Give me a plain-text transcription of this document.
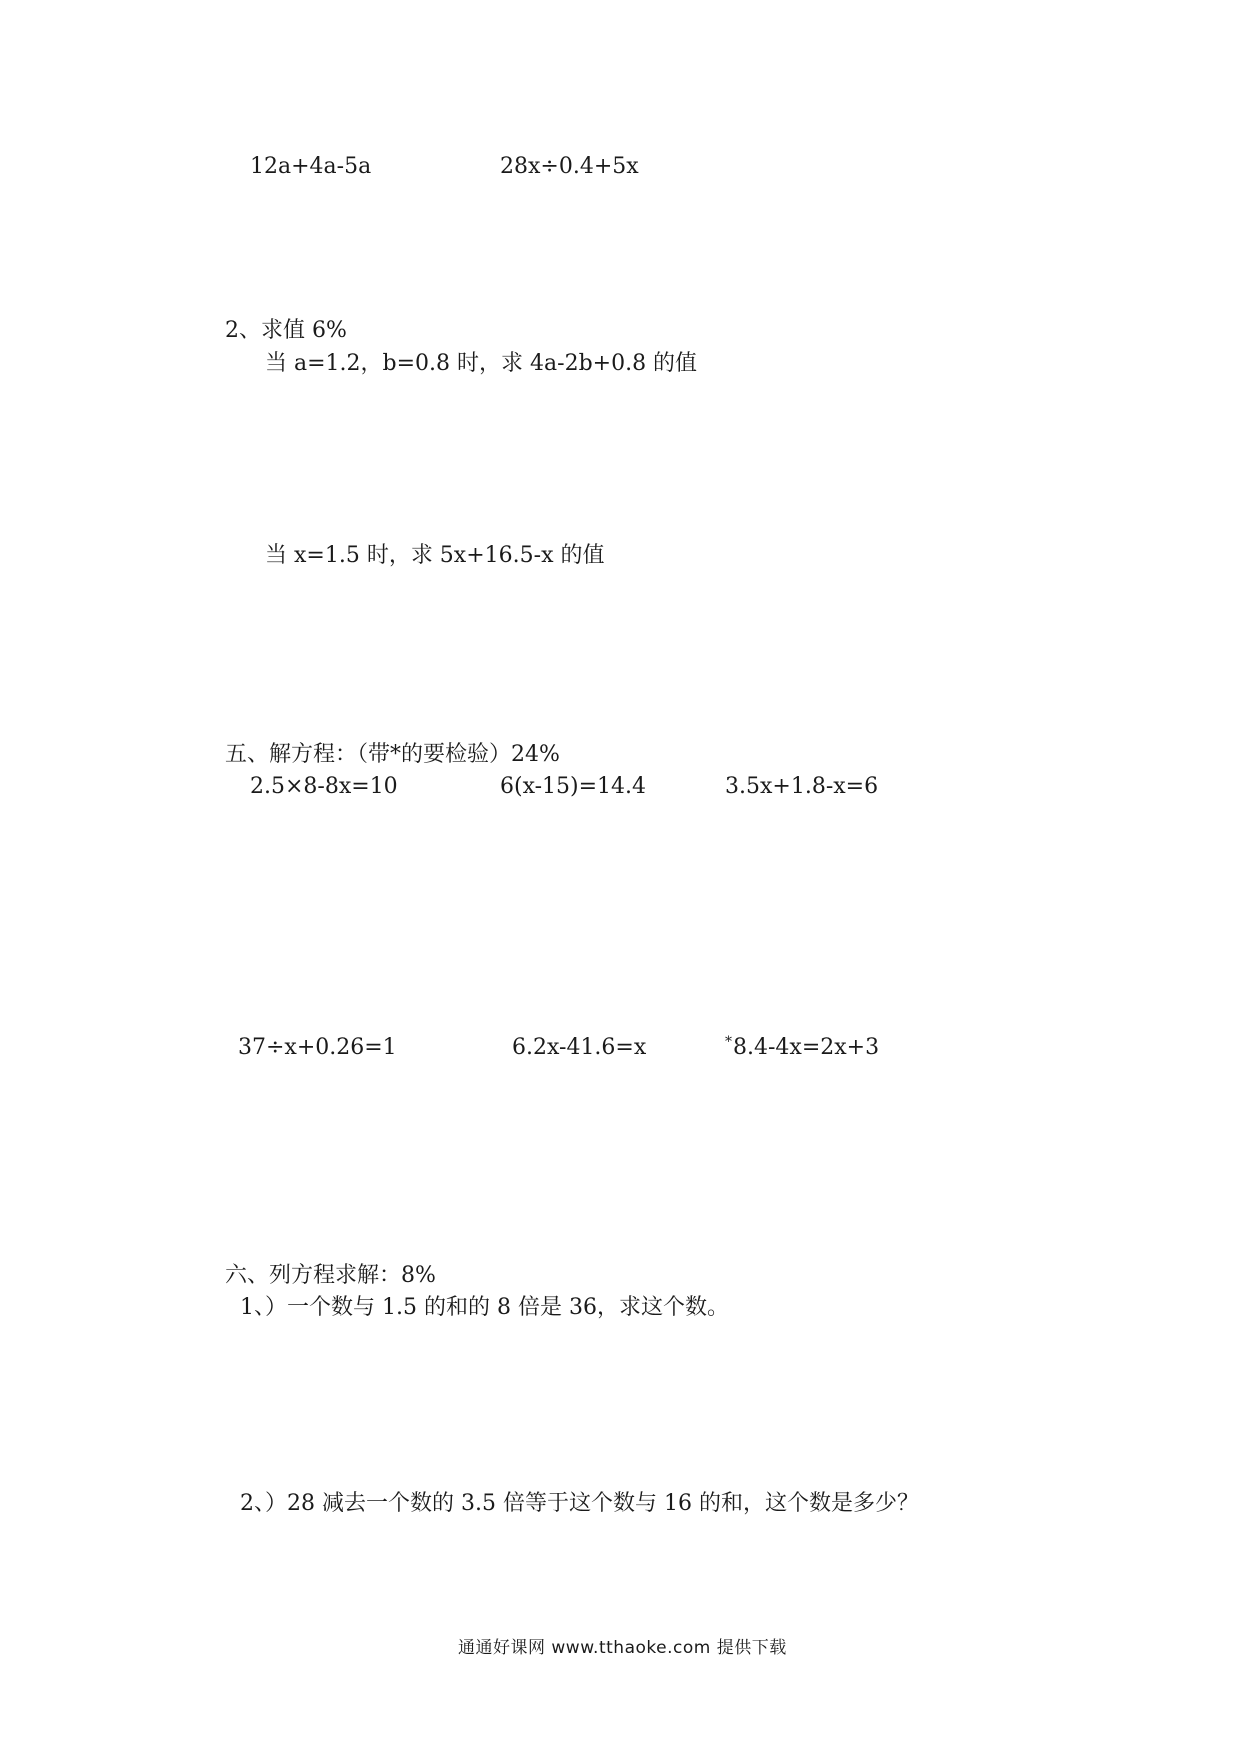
12a+4a-5a	28x÷0.4+5x
2、求值 6%
当 a=1.2，b=0.8 时，求 4a-2b+0.8 的值
当 x=1.5 时，求 5x+16.5-x 的值
五、解方程：（带*的要检验）24%
2.5×8-8x=10	6(x-15)=14.4	3.5x+1.8-x=6
37÷x+0.26=1	6.2x-41.6=x	*8.4-4x=2x+3
六、列方程求解：8%
1、）一个数与 1.5 的和的 8 倍是 36，求这个数。
2、）28 减去一个数的 3.5 倍等于这个数与 16 的和，这个数是多少？
通通好课网 www.tthaoke.com 提供下载
